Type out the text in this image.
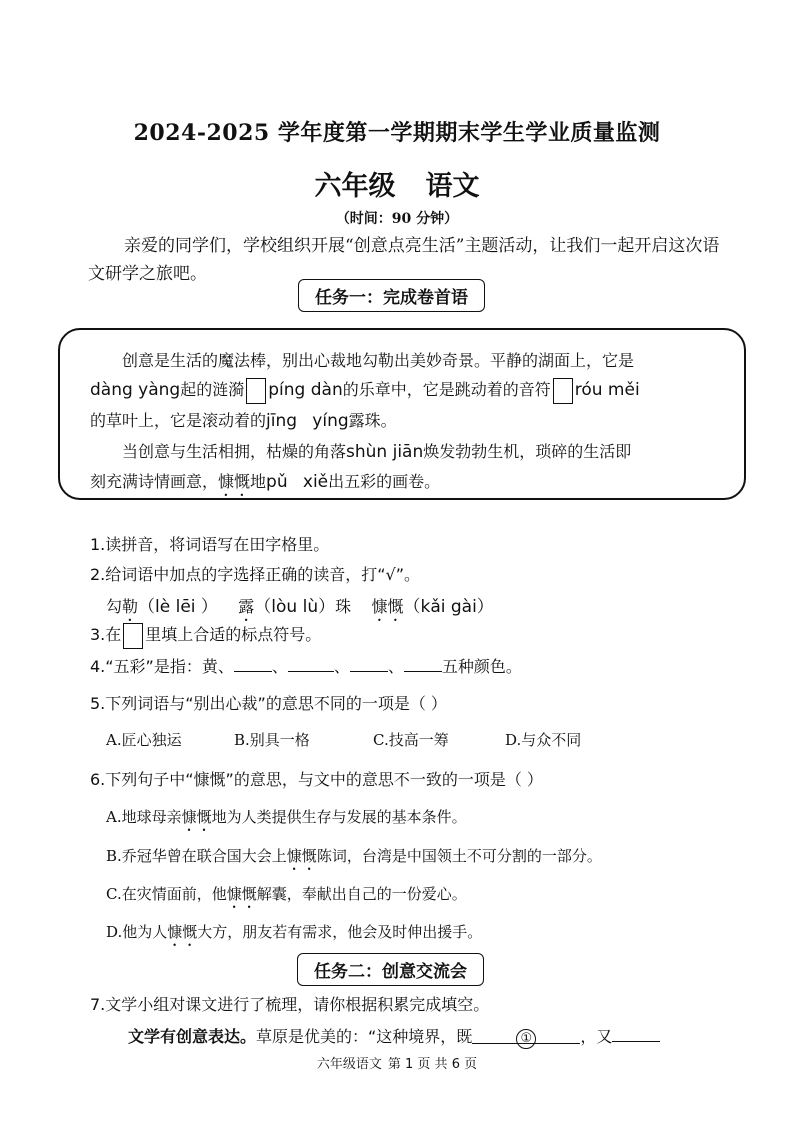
2024-2025 学年度第一学期期末学生学业质量监测
六年级 语文
（时间：90 分钟）
亲爱的同学们，学校组织开展“创意点亮生活”主题活动，让我们一起开启这次语文研学之旅吧。
任务一：完成卷首语
创意是生活的魔法棒，别出心裁地勾勒出美妙奇景。平静的湖面上，它是
dàng yàng起的涟漪 píng dàn的乐章中，它是跳动着的音符 róu měi
的草叶上，它是滚动着的jīng yíng露珠。
当创意与生活相拥，枯燥的角落shùn jiān焕发勃勃生机，琐碎的生活即
刻充满诗情画意，慷慨地pǔ xiě出五彩的画卷。
1.读拼音，将词语写在田字格里。
2.给词语中加点的字选择正确的读音，打“√”。
勾勒（lè lēi ） 露（lòu lù）珠 慷慨（kǎi gài）
3.在 里填上合适的标点符号。
4.“五彩”是指：黄、 、	、 、 五种颜色。
5.下列词语与“别出心裁”的意思不同的一项是（ ）
A.匠心独运	B.别具一格	C.技高一筹	D.与众不同
6.下列句子中“慷慨”的意思，与文中的意思不一致的一项是（ ）
A.地球母亲慷慨地为人类提供生存与发展的基本条件。
B.乔冠华曾在联合国大会上慷慨陈词，台湾是中国领土不可分割的一部分。
C.在灾情面前，他慷慨解囊，奉献出自己的一份爱心。
D.他为人慷慨大方，朋友若有需求，他会及时伸出援手。
任务二：创意交流会
7.文学小组对课文进行了梳理，请你根据积累完成填空。
文学有创意表达。草原是优美的：“这种境界，既	①	，又
六年级语文 第 1 页 共 6 页
